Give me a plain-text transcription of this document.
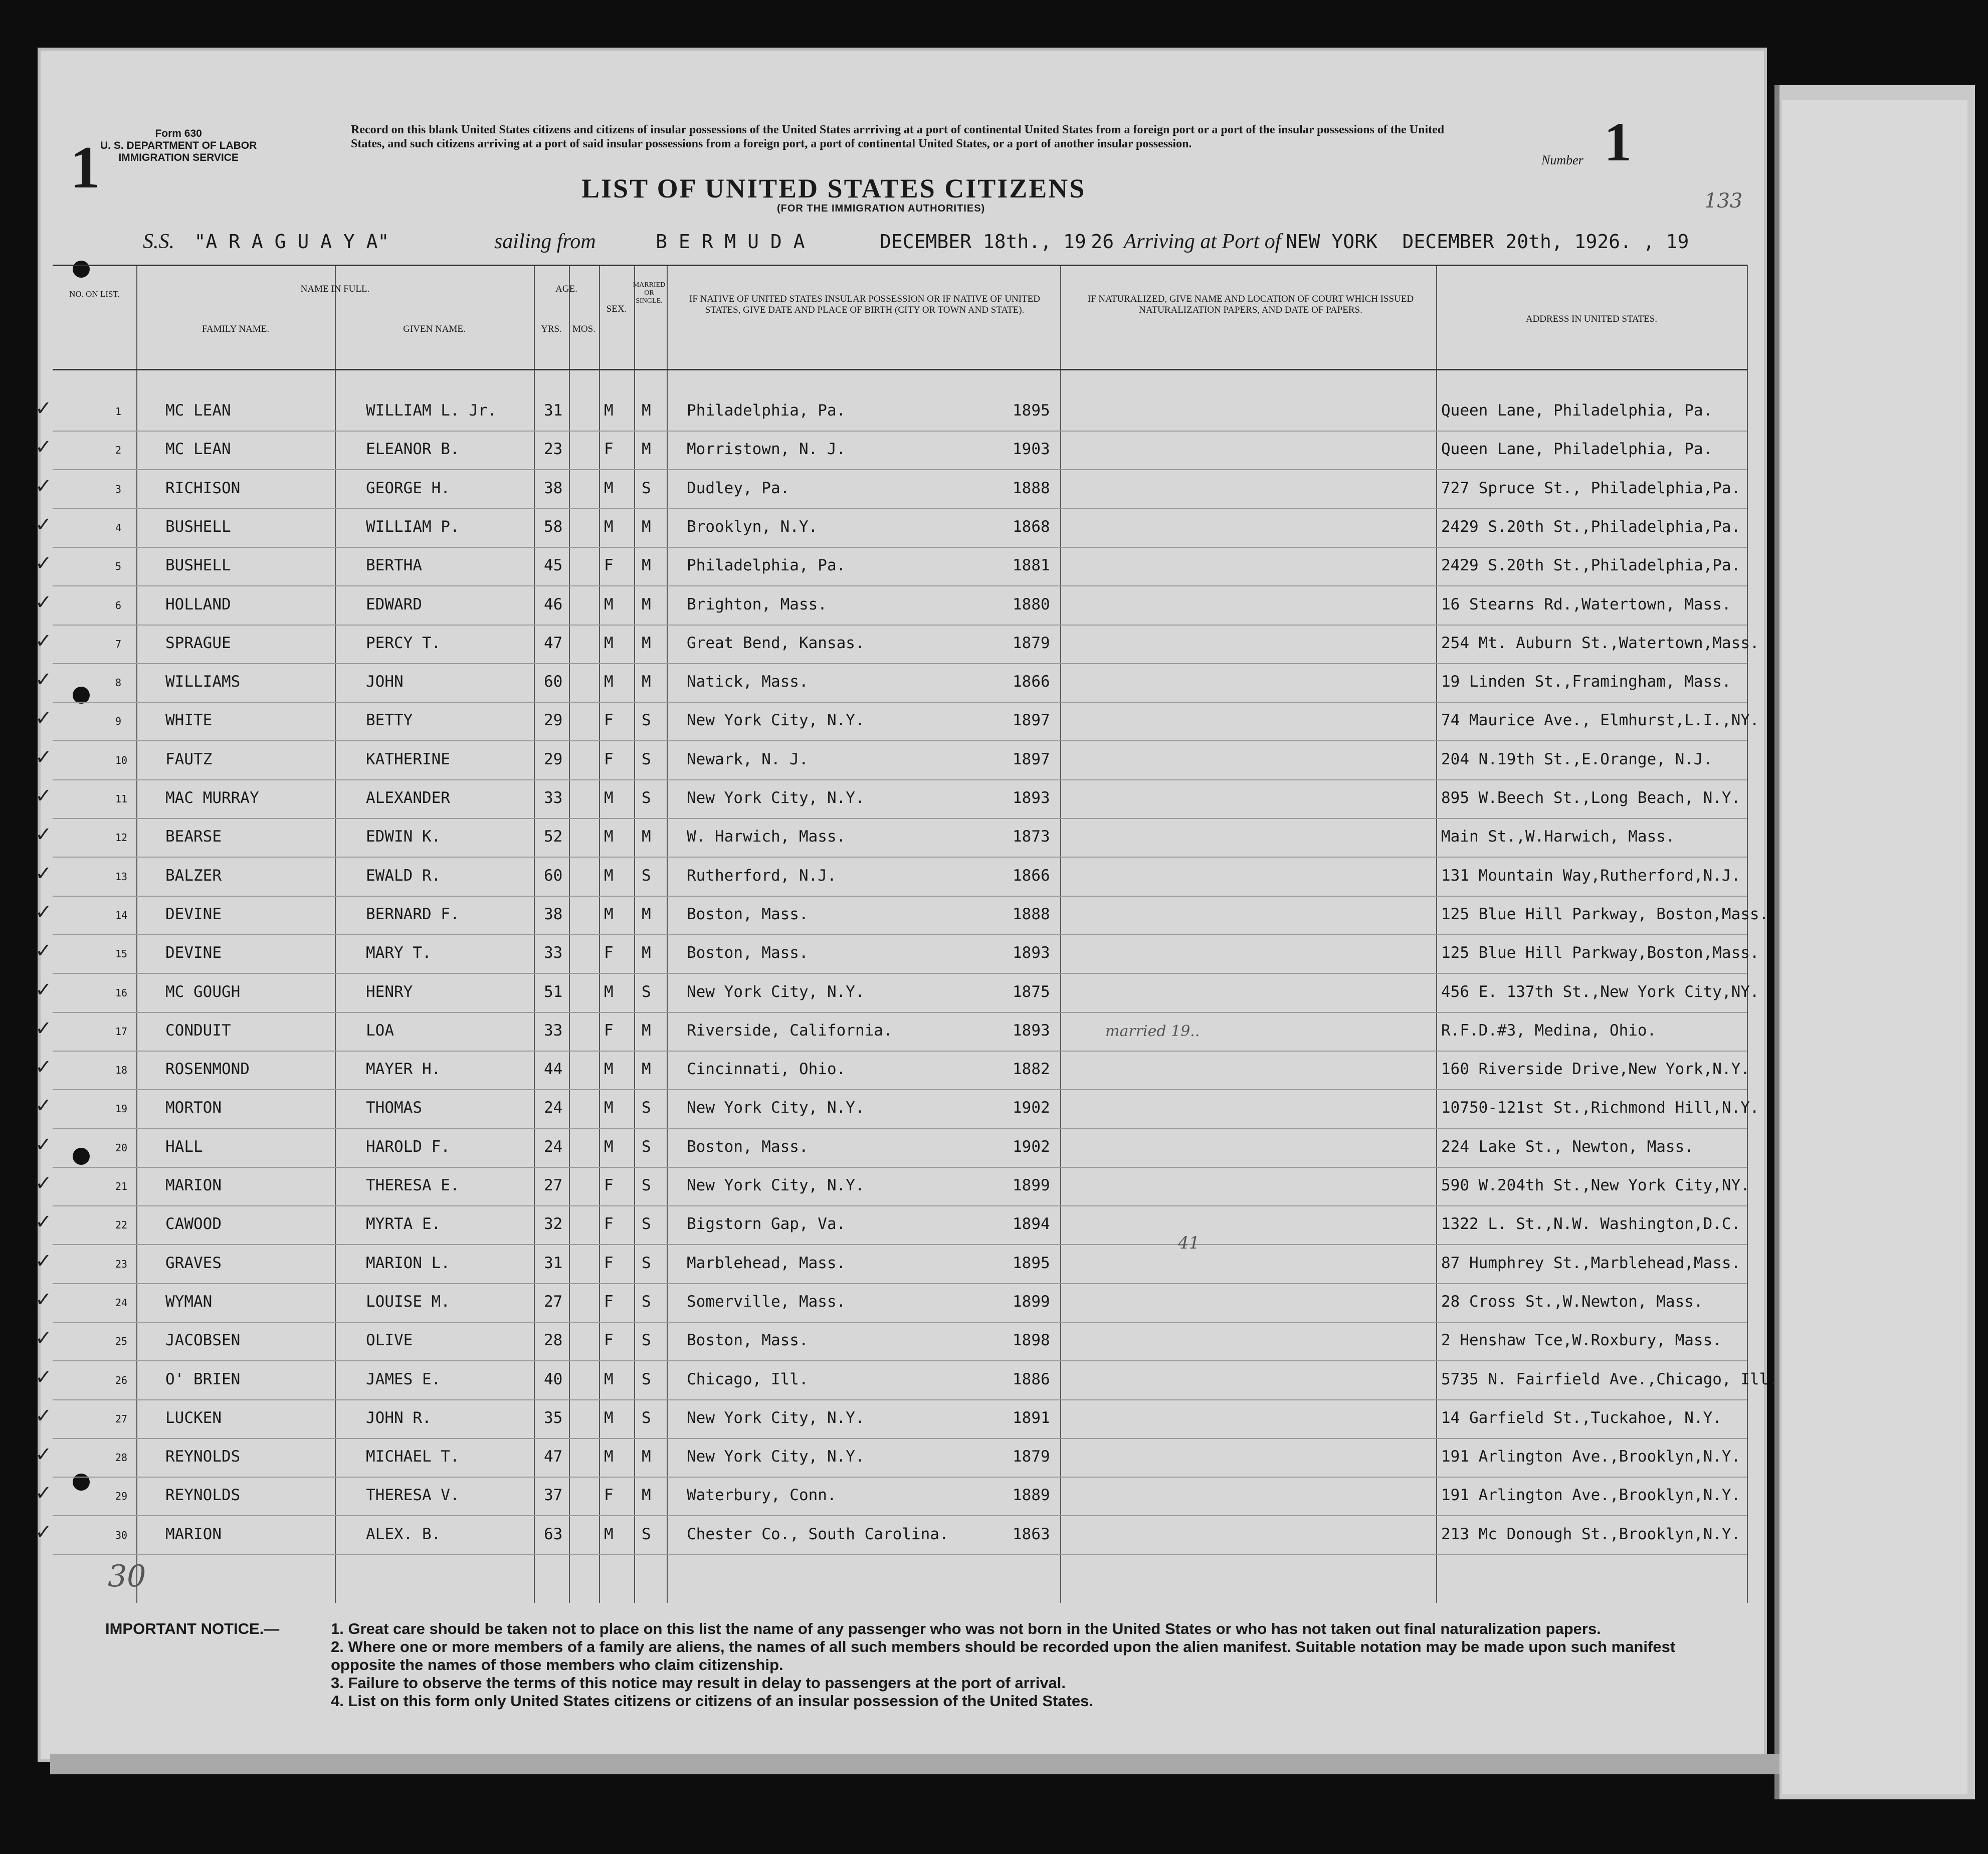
1
Form 630
U. S. DEPARTMENT OF LABOR
IMMIGRATION SERVICE
Record on this blank United States citizens and citizens of insular possessions of the United States arrriving at a port of continental United States from a foreign port or a port of the insular possessions of the United States, and such citizens arriving at a port of said insular possessions from a foreign port, a port of continental United States, or a port of another insular possession.
LIST OF UNITED STATES CITIZENS
(FOR THE IMMIGRATION AUTHORITIES)
Number 1
133
S.S. "A R A G U A Y A"	sailing from	B E R M U D A	DECEMBER 18th., 19 26 Arriving at Port of NEW YORK DECEMBER 20th, 1926. , 19
NO. ON LIST.	NAME IN FULL.
FAMILY NAME.	GIVEN NAME.
AGE.
YRS.	MOS.
SEX.
MARRIED OR SINGLE.	IF NATIVE OF UNITED STATES INSULAR POSSESSION OR IF NATIVE OF UNITED STATES, GIVE DATE AND PLACE OF BIRTH (CITY OR TOWN AND STATE).
IF NATURALIZED, GIVE NAME AND LOCATION OF COURT WHICH ISSUED NATURALIZATION PAPERS, AND DATE OF PAPERS.
ADDRESS IN UNITED STATES.
✓	1	MC LEAN	WILLIAM L. Jr.	31	M M Philadelphia, Pa.	1895	Queen Lane, Philadelphia, Pa.
✓	2	MC LEAN	ELEANOR B.	23	F M Morristown, N. J.	1903	Queen Lane, Philadelphia, Pa.
✓	3	RICHISON	GEORGE H.	38	M S Dudley, Pa.	1888	727 Spruce St., Philadelphia,Pa.
✓	4	BUSHELL	WILLIAM P.	58	M M Brooklyn, N.Y.	1868	2429 S.20th St.,Philadelphia,Pa.
✓	5	BUSHELL	BERTHA	45	F M Philadelphia, Pa.	1881	2429 S.20th St.,Philadelphia,Pa.
✓	6	HOLLAND	EDWARD	46	M M Brighton, Mass.	1880	16 Stearns Rd.,Watertown, Mass.
✓	7	SPRAGUE	PERCY T.	47	M M Great Bend, Kansas.	1879	254 Mt. Auburn St.,Watertown,Mass.
✓	8	WILLIAMS	JOHN	60	M M Natick, Mass.	1866	19 Linden St.,Framingham, Mass.
✓	9	WHITE	BETTY	29	F S New York City, N.Y.	1897	74 Maurice Ave., Elmhurst,L.I.,NY.
✓	10 FAUTZ	KATHERINE	29	F S Newark, N. J.	1897	204 N.19th St.,E.Orange, N.J.
✓	11 MAC MURRAY	ALEXANDER	33	M S New York City, N.Y.	1893	895 W.Beech St.,Long Beach, N.Y.
✓	12 BEARSE	EDWIN K.	52	M M W. Harwich, Mass.	1873	Main St.,W.Harwich, Mass.
✓	13 BALZER	EWALD R.	60	M S Rutherford, N.J.	1866	131 Mountain Way,Rutherford,N.J.
✓	14 DEVINE	BERNARD F.	38	M M Boston, Mass.	1888	125 Blue Hill Parkway, Boston,Mass.
✓	15 DEVINE	MARY T.	33	F M Boston, Mass.	1893	125 Blue Hill Parkway,Boston,Mass.
✓	16 MC GOUGH	HENRY	51	M S New York City, N.Y.	1875	456 E. 137th St.,New York City,NY.
✓	17 CONDUIT	LOA	33	F M Riverside, California.	1893	R.F.D.#3, Medina, Ohio.
✓	18 ROSENMOND	MAYER H.	44	M M Cincinnati, Ohio.	1882	160 Riverside Drive,New York,N.Y.
✓	19 MORTON	THOMAS	24	M S New York City, N.Y.	1902	10750-121st St.,Richmond Hill,N.Y.
✓	20 HALL	HAROLD F.	24	M S Boston, Mass.	1902	224 Lake St., Newton, Mass.
✓	21 MARION	THERESA E.	27	F S New York City, N.Y.	1899	590 W.204th St.,New York City,NY.
✓	22 CAWOOD	MYRTA E.	32	F S Bigstorn Gap, Va.	1894	1322 L. St.,N.W. Washington,D.C.
✓	23 GRAVES	MARION L.	31	F S Marblehead, Mass.	1895	87 Humphrey St.,Marblehead,Mass.
✓	24 WYMAN	LOUISE M.	27	F S Somerville, Mass.	1899	28 Cross St.,W.Newton, Mass.
✓	25 JACOBSEN	OLIVE	28	F S Boston, Mass.	1898	2 Henshaw Tce,W.Roxbury, Mass.
✓	26 O' BRIEN	JAMES E.	40	M S Chicago, Ill.	1886	5735 N. Fairfield Ave.,Chicago, Ill.
✓	27 LUCKEN	JOHN R.	35	M S New York City, N.Y.	1891	14 Garfield St.,Tuckahoe, N.Y.
✓	28 REYNOLDS	MICHAEL T.	47	M M New York City, N.Y.	1879	191 Arlington Ave.,Brooklyn,N.Y.
✓	29 REYNOLDS	THERESA V.	37	F M Waterbury, Conn.	1889	191 Arlington Ave.,Brooklyn,N.Y.
✓	30 MARION	ALEX. B.	63	M S Chester Co., South Carolina.	1863	213 Mc Donough St.,Brooklyn,N.Y.
married 19..
30
41
IMPORTANT NOTICE.—	1. Great care should be taken not to place on this list the name of any passenger who was not born in the United States or who has not taken out final naturalization papers.
2. Where one or more members of a family are aliens, the names of all such members should be recorded upon the alien manifest. Suitable notation may be made upon such manifest opposite the names of those members who claim citizenship.
3. Failure to observe the terms of this notice may result in delay to passengers at the port of arrival.
4. List on this form only United States citizens or citizens of an insular possession of the United States.
